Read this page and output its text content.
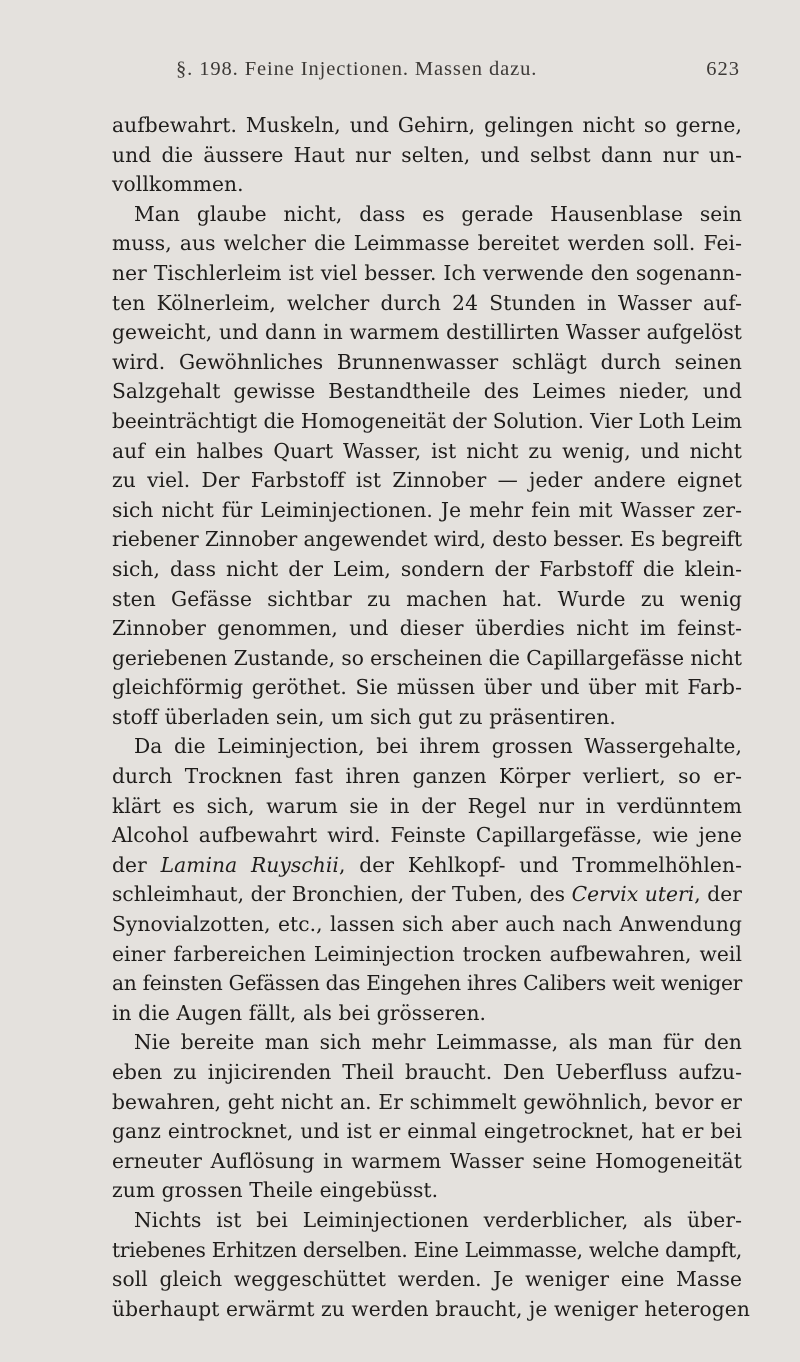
§. 198. Feine Injectionen. Massen dazu.	623
aufbewahrt. Muskeln, und Gehirn, gelingen nicht so gerne,
und die äussere Haut nur selten, und selbst dann nur un-
vollkommen.
Man glaube nicht, dass es gerade Hausenblase sein
muss, aus welcher die Leimmasse bereitet werden soll. Fei-
ner Tischlerleim ist viel besser. Ich verwende den sogenann-
ten Kölnerleim, welcher durch 24 Stunden in Wasser auf-
geweicht, und dann in warmem destillirten Wasser aufgelöst
wird. Gewöhnliches Brunnenwasser schlägt durch seinen
Salzgehalt gewisse Bestandtheile des Leimes nieder, und
beeinträchtigt die Homogeneität der Solution. Vier Loth Leim
auf ein halbes Quart Wasser, ist nicht zu wenig, und nicht
zu viel. Der Farbstoff ist Zinnober — jeder andere eignet
sich nicht für Leiminjectionen. Je mehr fein mit Wasser zer-
riebener Zinnober angewendet wird, desto besser. Es begreift
sich, dass nicht der Leim, sondern der Farbstoff die klein-
sten Gefässe sichtbar zu machen hat. Wurde zu wenig
Zinnober genommen, und dieser überdies nicht im feinst-
geriebenen Zustande, so erscheinen die Capillargefässe nicht
gleichförmig geröthet. Sie müssen über und über mit Farb-
stoff überladen sein, um sich gut zu präsentiren.
Da die Leiminjection, bei ihrem grossen Wassergehalte,
durch Trocknen fast ihren ganzen Körper verliert, so er-
klärt es sich, warum sie in der Regel nur in verdünntem
Alcohol aufbewahrt wird. Feinste Capillargefässe, wie jene
der Lamina Ruyschii, der Kehlkopf- und Trommelhöhlen-
schleimhaut, der Bronchien, der Tuben, des Cervix uteri, der
Synovialzotten, etc., lassen sich aber auch nach Anwendung
einer farbereichen Leiminjection trocken aufbewahren, weil
an feinsten Gefässen das Eingehen ihres Calibers weit weniger
in die Augen fällt, als bei grösseren.
Nie bereite man sich mehr Leimmasse, als man für den
eben zu injicirenden Theil braucht. Den Ueberfluss aufzu-
bewahren, geht nicht an. Er schimmelt gewöhnlich, bevor er
ganz eintrocknet, und ist er einmal eingetrocknet, hat er bei
erneuter Auflösung in warmem Wasser seine Homogeneität
zum grossen Theile eingebüsst.
Nichts ist bei Leiminjectionen verderblicher, als über-
triebenes Erhitzen derselben. Eine Leimmasse, welche dampft,
soll gleich weggeschüttet werden. Je weniger eine Masse
überhaupt erwärmt zu werden braucht, je weniger heterogen
